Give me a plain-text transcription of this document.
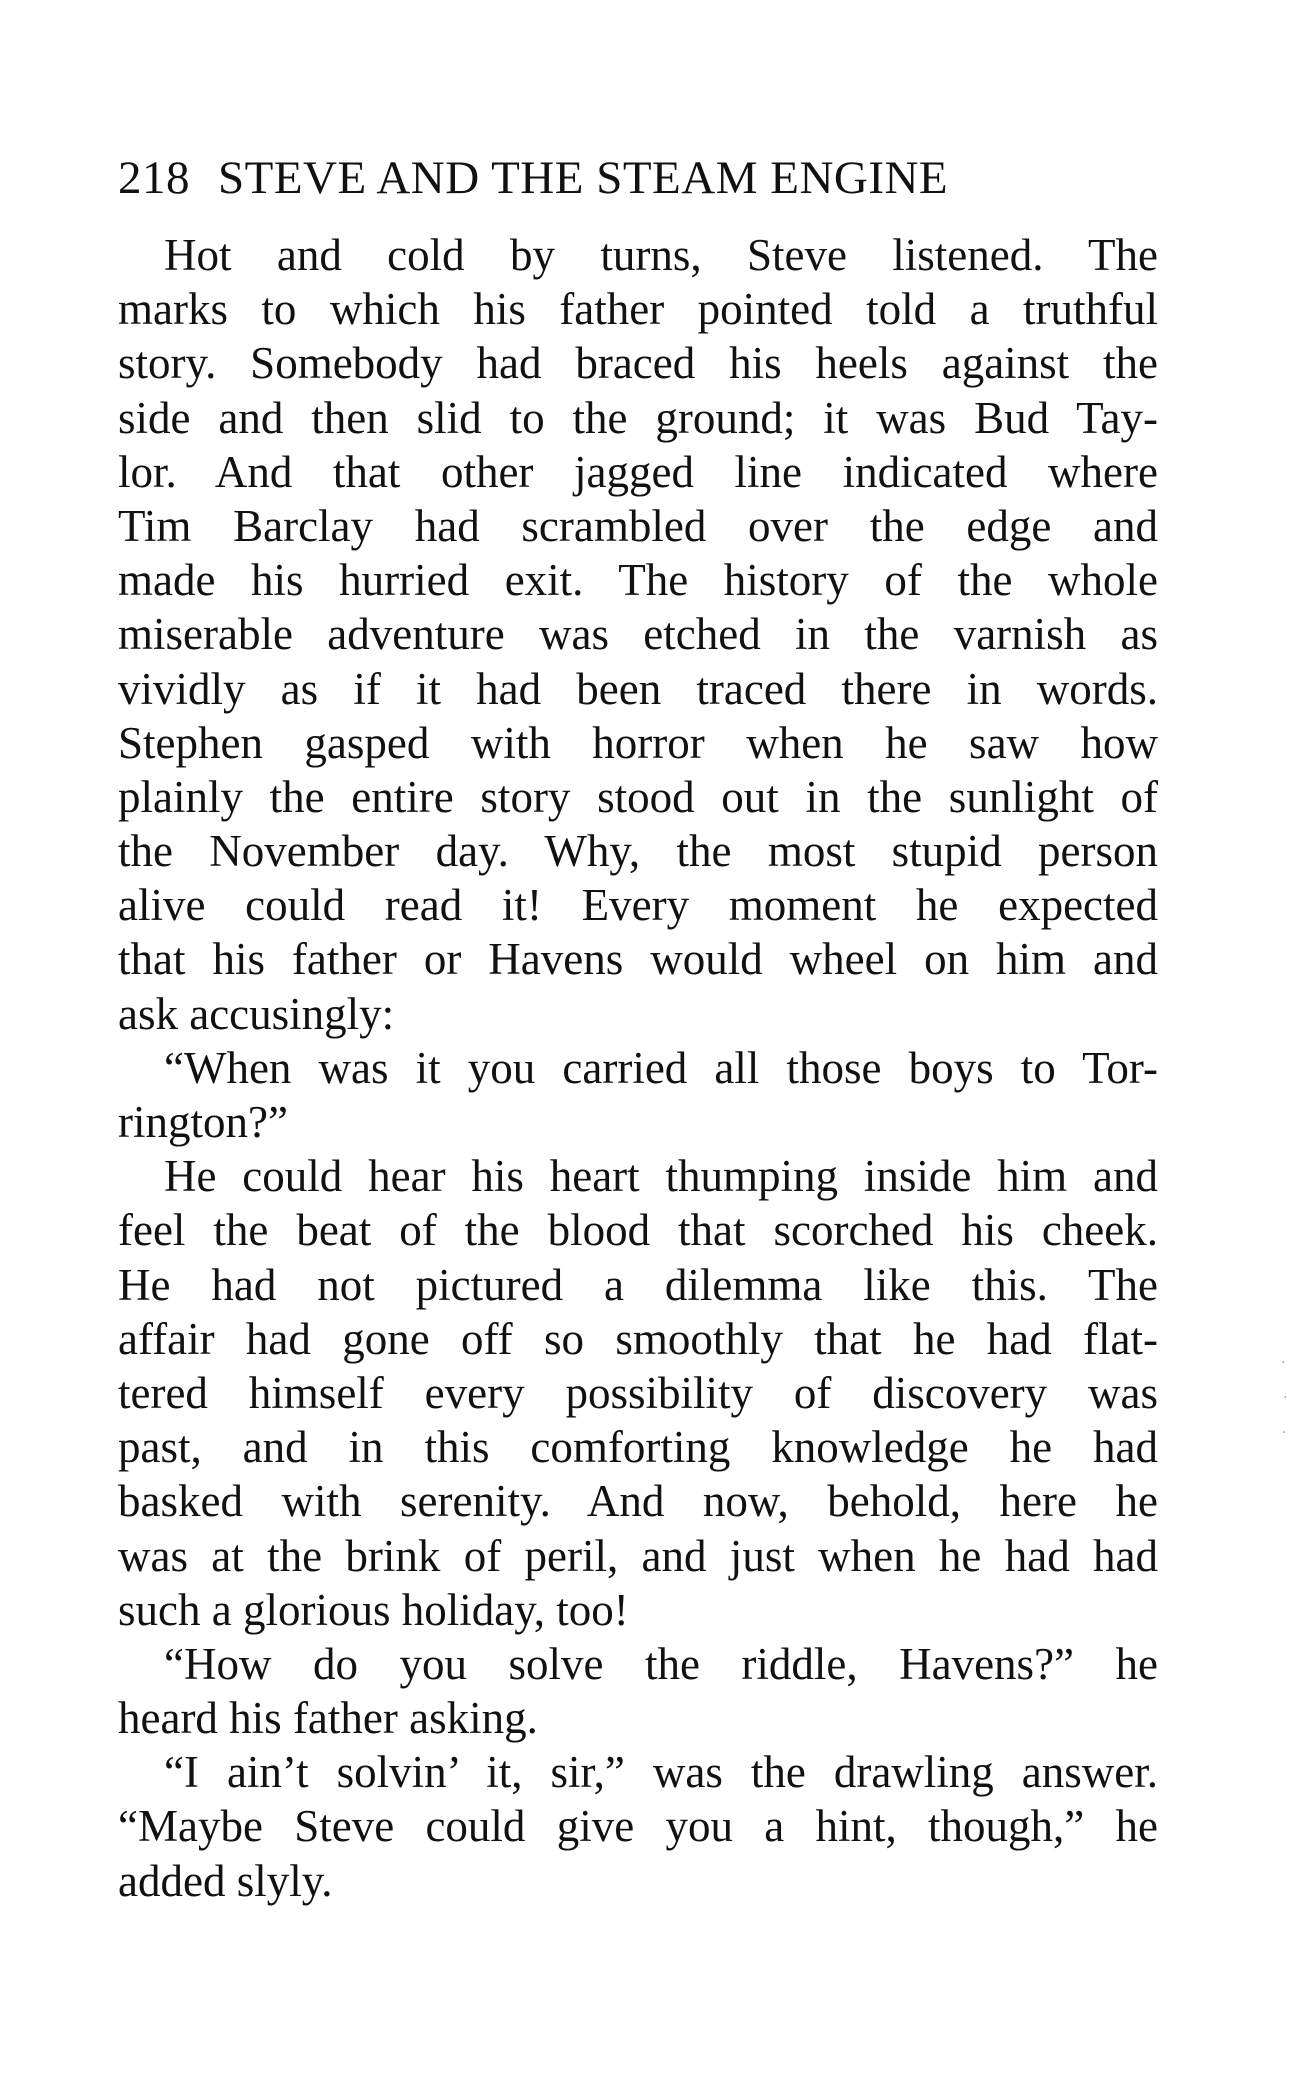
218 STEVE AND THE STEAM ENGINE
Hot and cold by turns, Steve listened. The
marks to which his father pointed told a truthful
story. Somebody had braced his heels against the
side and then slid to the ground; it was Bud Tay-
lor. And that other jagged line indicated where
Tim Barclay had scrambled over the edge and
made his hurried exit. The history of the whole
miserable adventure was etched in the varnish as
vividly as if it had been traced there in words.
Stephen gasped with horror when he saw how
plainly the entire story stood out in the sunlight of
the November day. Why, the most stupid person
alive could read it! Every moment he expected
that his father or Havens would wheel on him and
ask accusingly:
“When was it you carried all those boys to Tor-
rington?”
He could hear his heart thumping inside him and
feel the beat of the blood that scorched his cheek.
He had not pictured a dilemma like this. The
affair had gone off so smoothly that he had flat-
tered himself every possibility of discovery was
past, and in this comforting knowledge he had
basked with serenity. And now, behold, here he
was at the brink of peril, and just when he had had
such a glorious holiday, too!
“How do you solve the riddle, Havens?” he
heard his father asking.
“I ain’t solvin’ it, sir,” was the drawling answer.
“Maybe Steve could give you a hint, though,” he
added slyly.
·
·
·
